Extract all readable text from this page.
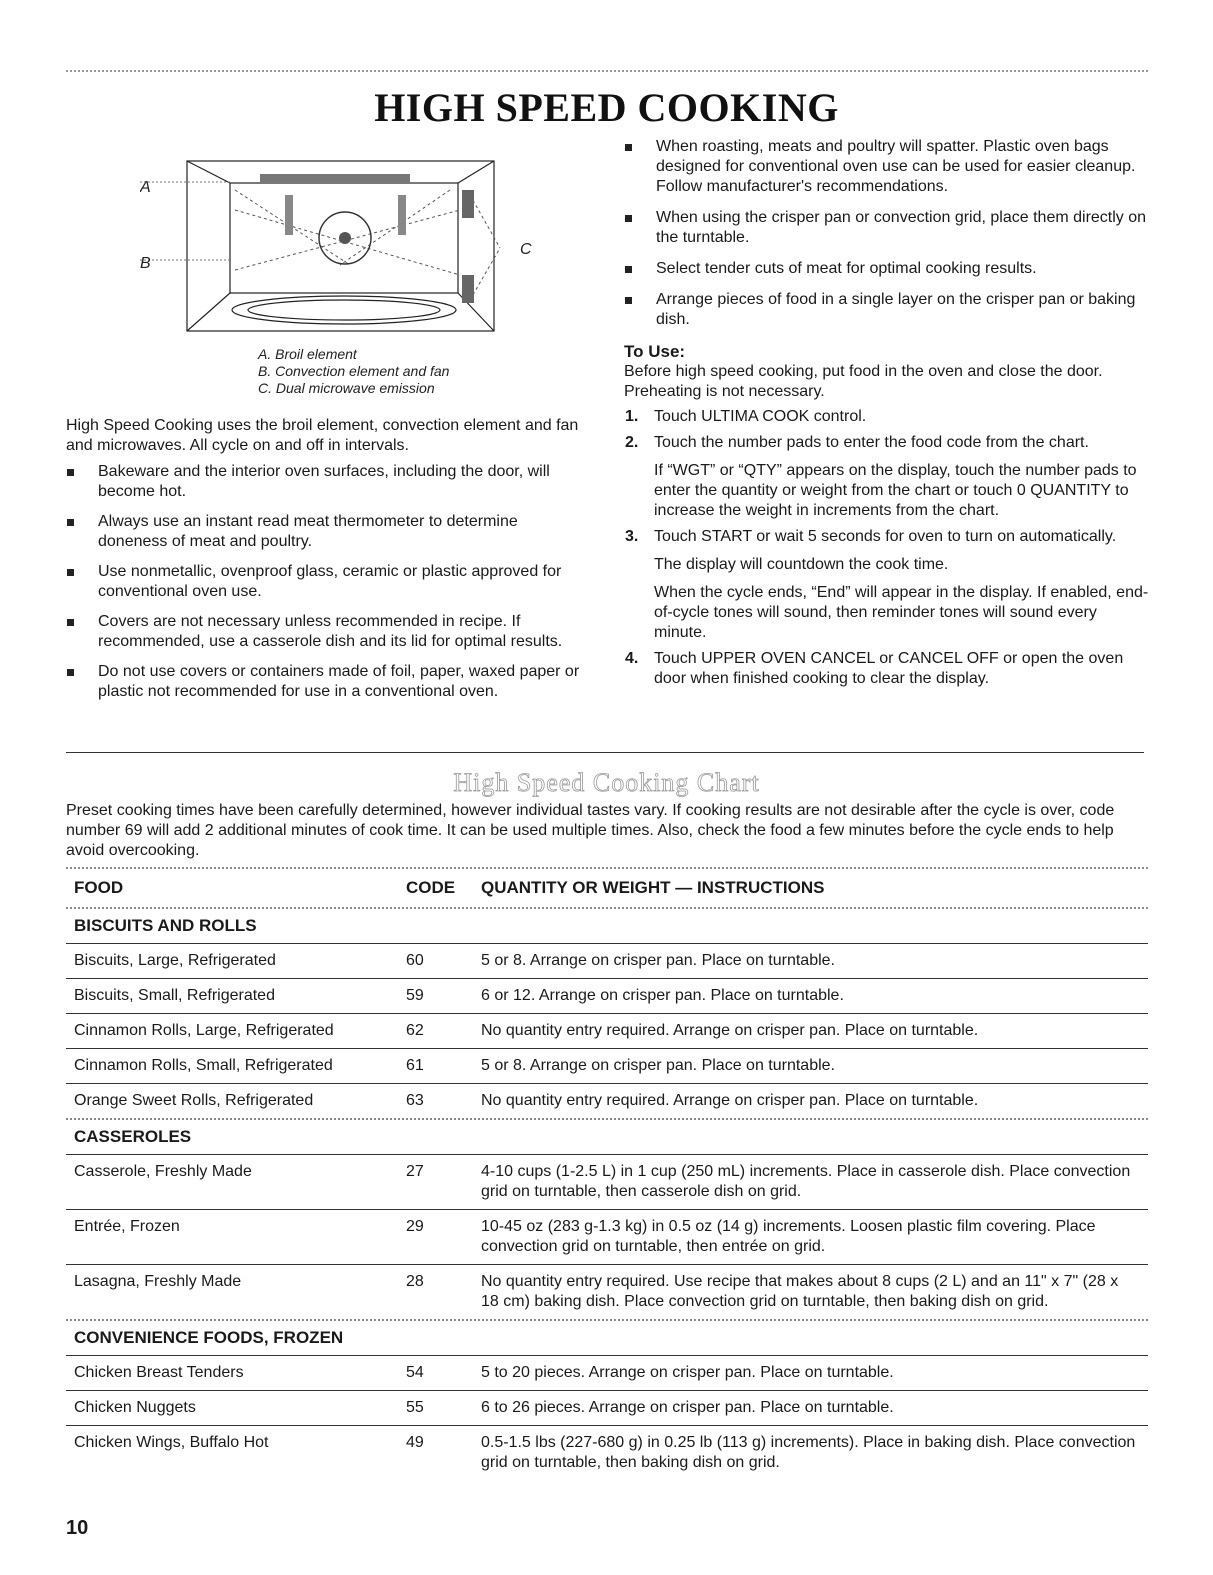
HIGH SPEED COOKING
A
B
C
A. Broil element
B. Convection element and fan
C. Dual microwave emission

High Speed Cooking uses the broil element, convection element and fan and microwaves. All cycle on and off in intervals.

Bakeware and the interior oven surfaces, including the door, will become hot.
Always use an instant read meat thermometer to determine doneness of meat and poultry.
Use nonmetallic, ovenproof glass, ceramic or plastic approved for conventional oven use.
Covers are not necessary unless recommended in recipe. If recommended, use a casserole dish and its lid for optimal results.
Do not use covers or containers made of foil, paper, waxed paper or plastic not recommended for use in a conventional oven.
When roasting, meats and poultry will spatter. Plastic oven bags designed for conventional oven use can be used for easier cleanup. Follow manufacturer's recommendations.
When using the crisper pan or convection grid, place them directly on the turntable.
Select tender cuts of meat for optimal cooking results.
Arrange pieces of food in a single layer on the crisper pan or baking dish.
To Use:

Before high speed cooking, put food in the oven and close the door. Preheating is not necessary.

1. Touch ULTIMA COOK control.

2. Touch the number pads to enter the food code from the chart.

If “WGT” or “QTY” appears on the display, touch the number pads to enter the quantity or weight from the chart or touch 0 QUANTITY to increase the weight in increments from the chart.

3. Touch START or wait 5 seconds for oven to turn on automatically.

The display will countdown the cook time.

When the cycle ends, “End” will appear in the display. If enabled, end-of-cycle tones will sound, then reminder tones will sound every minute.

4. Touch UPPER OVEN CANCEL or CANCEL OFF or open the oven door when finished cooking to clear the display.

High Speed Cooking Chart

Preset cooking times have been carefully determined, however individual tastes vary. If cooking results are not desirable after the cycle is over, code number 69 will add 2 additional minutes of cook time. It can be used multiple times. Also, check the food a few minutes before the cycle ends to help avoid overcooking.

FOOD	CODE	QUANTITY OR WEIGHT — INSTRUCTIONS
BISCUITS AND ROLLS
Biscuits, Large, Refrigerated	60	5 or 8. Arrange on crisper pan. Place on turntable.
Biscuits, Small, Refrigerated	59	6 or 12. Arrange on crisper pan. Place on turntable.
Cinnamon Rolls, Large, Refrigerated	62	No quantity entry required. Arrange on crisper pan. Place on turntable.
Cinnamon Rolls, Small, Refrigerated	61	5 or 8. Arrange on crisper pan. Place on turntable.
Orange Sweet Rolls, Refrigerated	63	No quantity entry required. Arrange on crisper pan. Place on turntable.
CASSEROLES
Casserole, Freshly Made	27	4-10 cups (1-2.5 L) in 1 cup (250 mL) increments. Place in casserole dish. Place convection grid on turntable, then casserole dish on grid.
Entrée, Frozen	29	10-45 oz (283 g-1.3 kg) in 0.5 oz (14 g) increments. Loosen plastic film covering. Place convection grid on turntable, then entrée on grid.
Lasagna, Freshly Made	28	No quantity entry required. Use recipe that makes about 8 cups (2 L) and an 11" x 7" (28 x 18 cm) baking dish. Place convection grid on turntable, then baking dish on grid.
CONVENIENCE FOODS, FROZEN
Chicken Breast Tenders	54	5 to 20 pieces. Arrange on crisper pan. Place on turntable.
Chicken Nuggets	55	6 to 26 pieces. Arrange on crisper pan. Place on turntable.
Chicken Wings, Buffalo Hot	49	0.5-1.5 lbs (227-680 g) in 0.25 lb (113 g) increments). Place in baking dish. Place convection grid on turntable, then baking dish on grid.
10
